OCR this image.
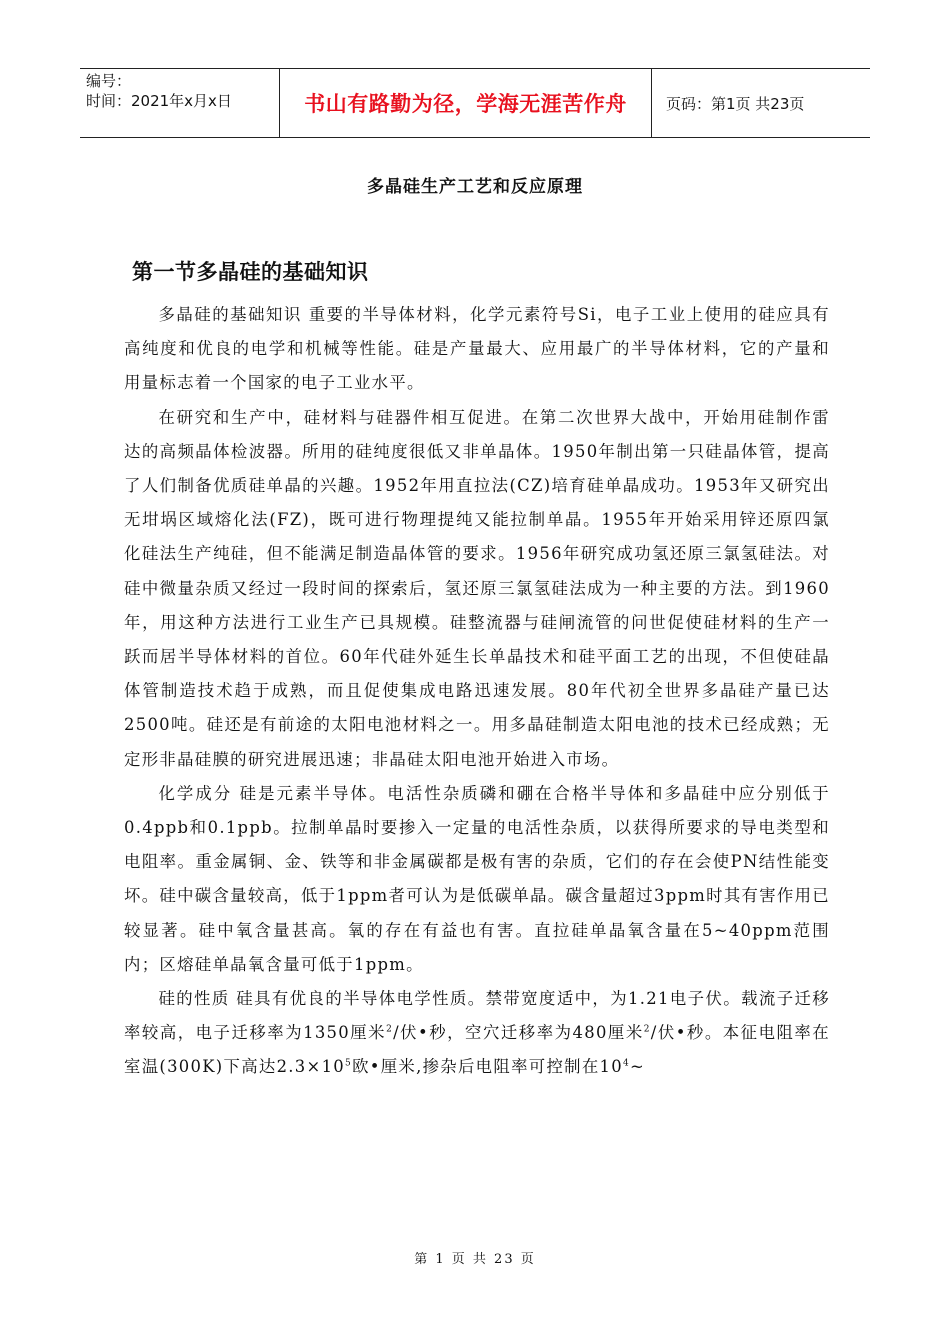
编号：
时间：2021年x月x日	书山有路勤为径，学海无涯苦作舟	页码：第1页 共23页
多晶硅生产工艺和反应原理
第一节多晶硅的基础知识

多晶硅的基础知识 重要的半导体材料，化学元素符号Si，电子工业上使用的硅应具有高纯度和优良的电学和机械等性能。硅是产量最大、应用最广的半导体材料，它的产量和用量标志着一个国家的电子工业水平。

在研究和生产中，硅材料与硅器件相互促进。在第二次世界大战中，开始用硅制作雷达的高频晶体检波器。所用的硅纯度很低又非单晶体。1950年制出第一只硅晶体管，提高了人们制备优质硅单晶的兴趣。1952年用直拉法(CZ)培育硅单晶成功。1953年又研究出无坩埚区域熔化法(FZ)，既可进行物理提纯又能拉制单晶。1955年开始采用锌还原四氯化硅法生产纯硅，但不能满足制造晶体管的要求。1956年研究成功氢还原三氯氢硅法。对硅中微量杂质又经过一段时间的探索后，氢还原三氯氢硅法成为一种主要的方法。到1960年，用这种方法进行工业生产已具规模。硅整流器与硅闸流管的问世促使硅材料的生产一跃而居半导体材料的首位。60年代硅外延生长单晶技术和硅平面工艺的出现，不但使硅晶体管制造技术趋于成熟，而且促使集成电路迅速发展。80年代初全世界多晶硅产量已达2500吨。硅还是有前途的太阳电池材料之一。用多晶硅制造太阳电池的技术已经成熟；无定形非晶硅膜的研究进展迅速；非晶硅太阳电池开始进入市场。

化学成分 硅是元素半导体。电活性杂质磷和硼在合格半导体和多晶硅中应分别低于0.4ppb和0.1ppb。拉制单晶时要掺入一定量的电活性杂质，以获得所要求的导电类型和电阻率。重金属铜、金、铁等和非金属碳都是极有害的杂质，它们的存在会使PN结性能变坏。硅中碳含量较高，低于1ppm者可认为是低碳单晶。碳含量超过3ppm时其有害作用已较显著。硅中氧含量甚高。氧的存在有益也有害。直拉硅单晶氧含量在5~40ppm范围内；区熔硅单晶氧含量可低于1ppm。

硅的性质 硅具有优良的半导体电学性质。禁带宽度适中，为1.21电子伏。载流子迁移率较高，电子迁移率为1350厘米$^2$/伏•秒，空穴迁移率为480厘米$^2$/伏•秒。本征电阻率在室温(300K)下高达$2.3\times 10^5$欧•厘米,掺杂后电阻率可控制在$10^4\sim$

第 1 页 共 23 页
